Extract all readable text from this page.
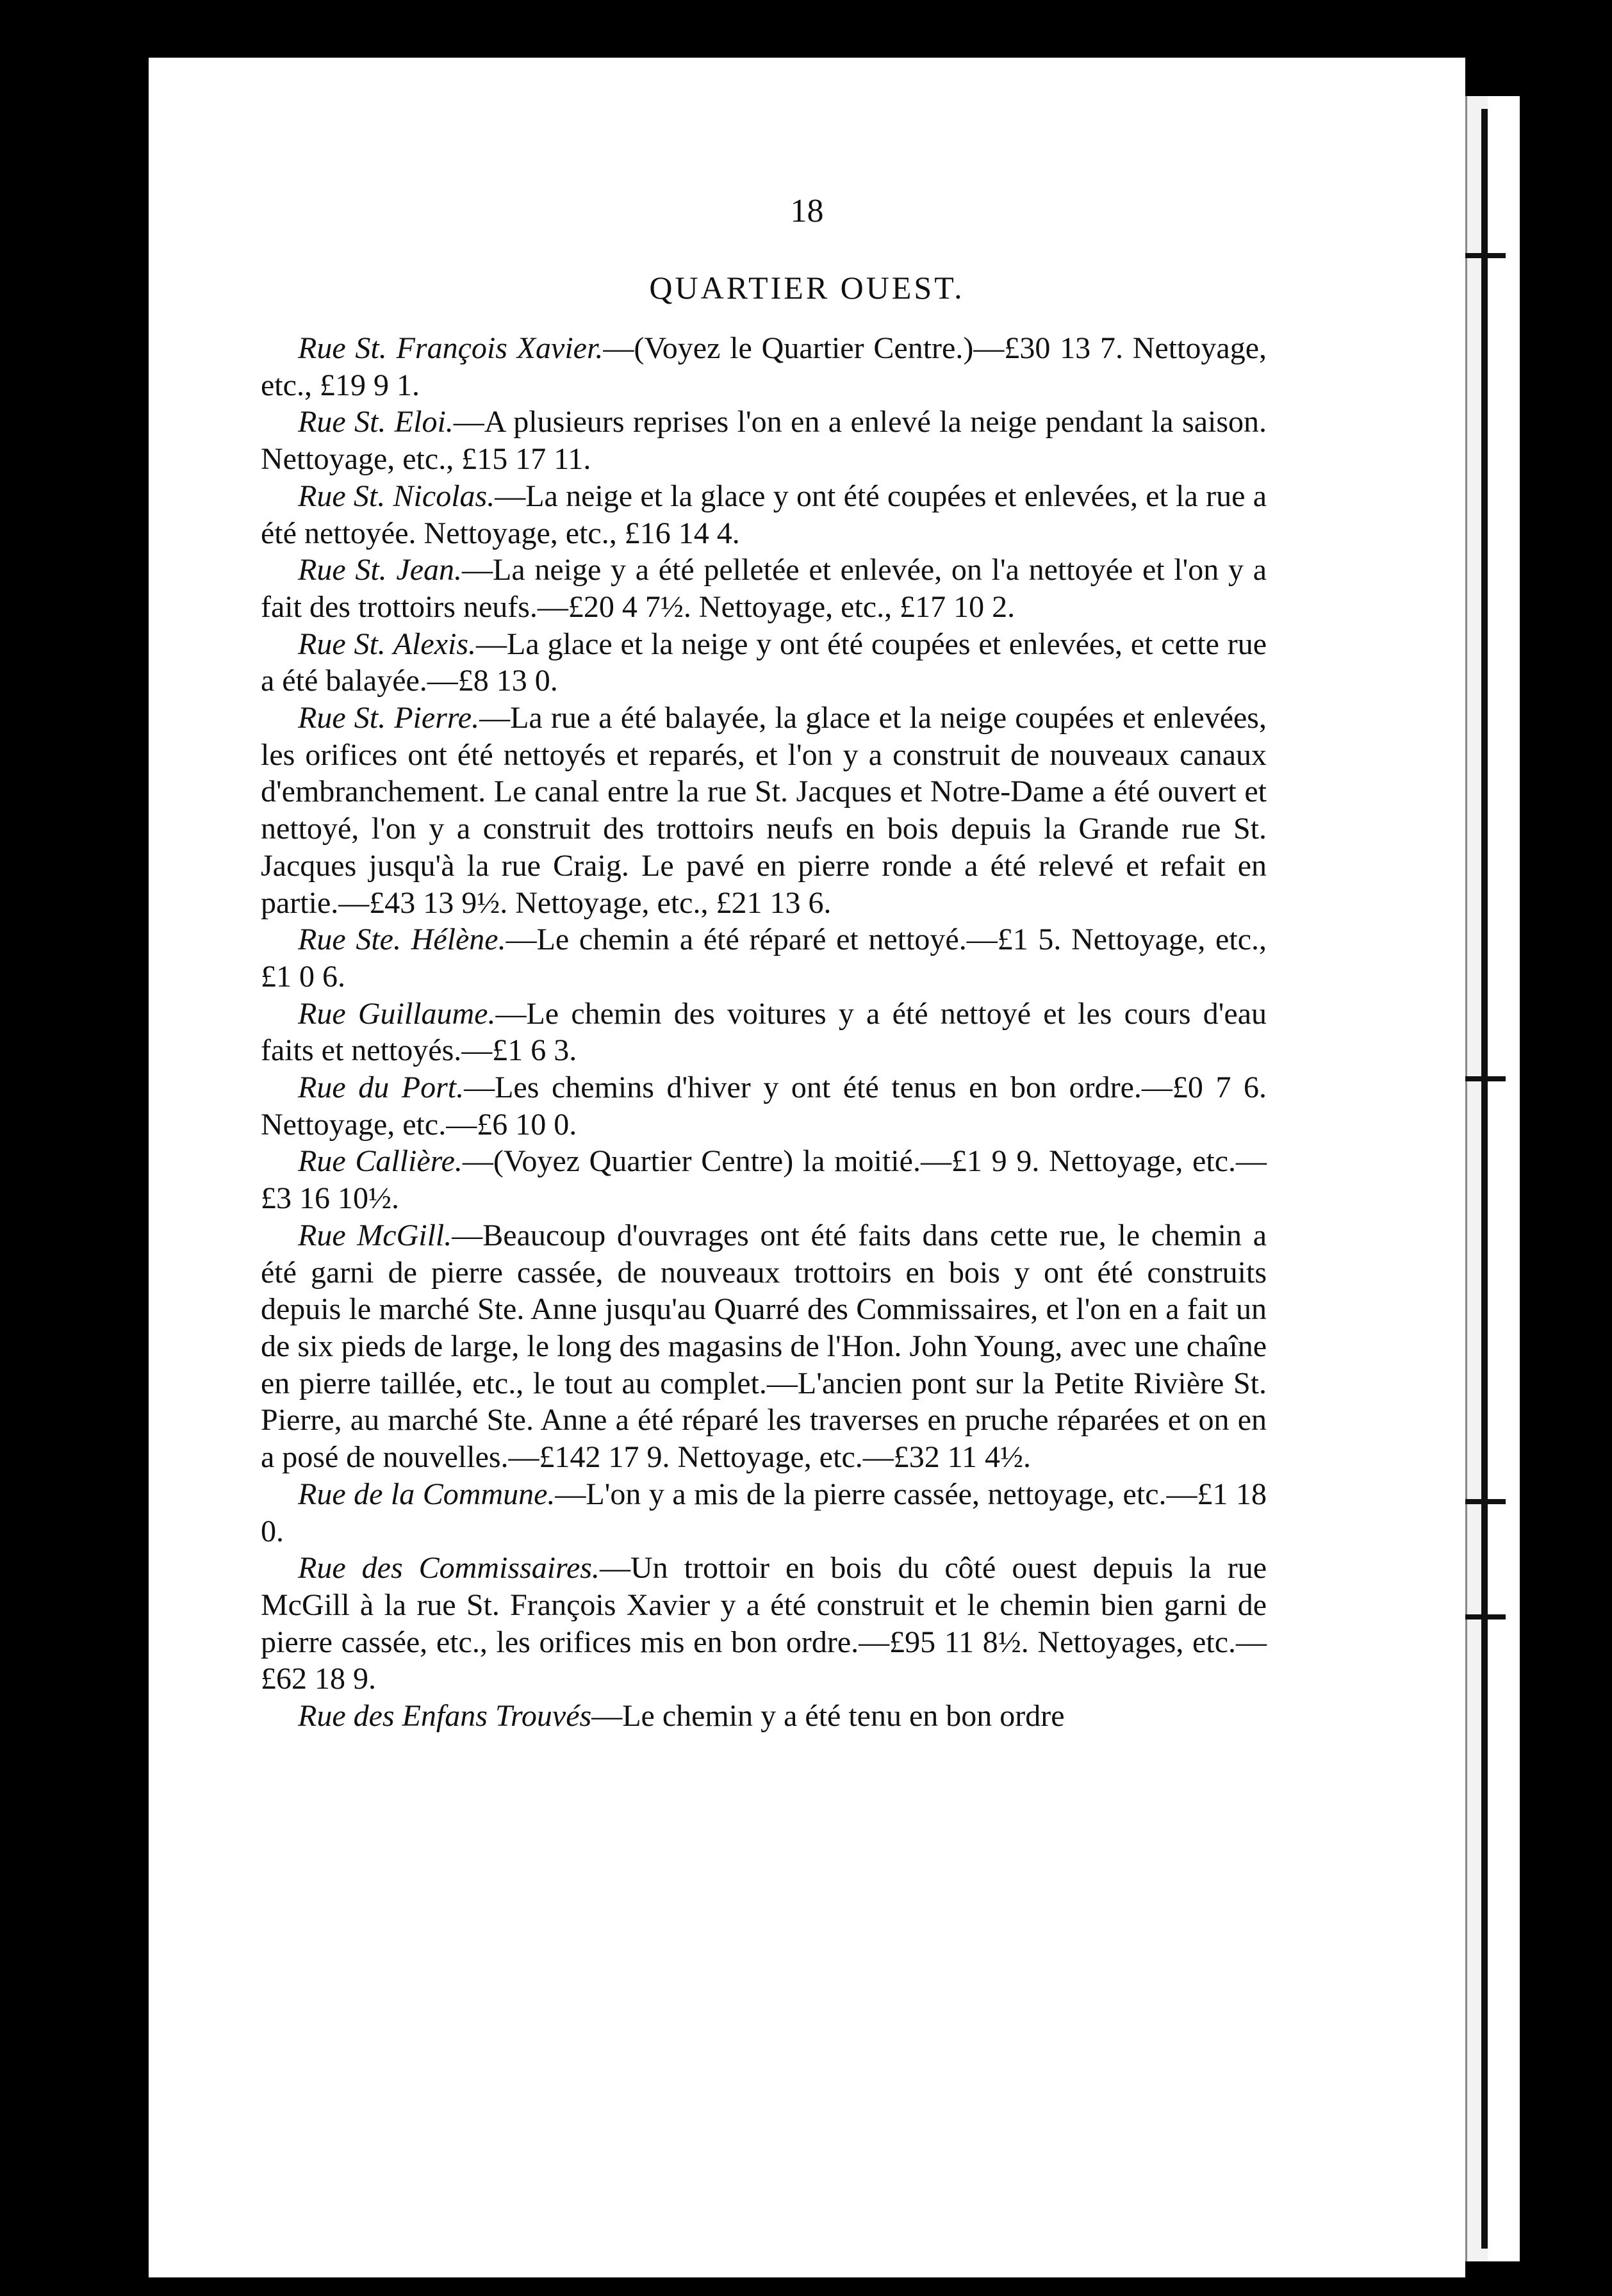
18
QUARTIER OUEST.

Rue St. François Xavier.—(Voyez le Quartier Centre.)—£30 13 7. Nettoyage, etc., £19 9 1.

Rue St. Eloi.—A plusieurs reprises l'on en a enlevé la neige pendant la saison. Nettoyage, etc., £15 17 11.

Rue St. Nicolas.—La neige et la glace y ont été coupées et enlevées, et la rue a été nettoyée. Nettoyage, etc., £16 14 4.

Rue St. Jean.—La neige y a été pelletée et enlevée, on l'a nettoyée et l'on y a fait des trottoirs neufs.—£20 4 7½. Nettoyage, etc., £17 10 2.

Rue St. Alexis.—La glace et la neige y ont été coupées et enlevées, et cette rue a été balayée.—£8 13 0.

Rue St. Pierre.—La rue a été balayée, la glace et la neige coupées et enlevées, les orifices ont été nettoyés et reparés, et l'on y a construit de nouveaux canaux d'embranchement. Le canal entre la rue St. Jacques et Notre-Dame a été ouvert et nettoyé, l'on y a construit des trottoirs neufs en bois depuis la Grande rue St. Jacques jusqu'à la rue Craig. Le pavé en pierre ronde a été relevé et refait en partie.—£43 13 9½. Nettoyage, etc., £21 13 6.

Rue Ste. Hélène.—Le chemin a été réparé et nettoyé.—£1 5. Nettoyage, etc., £1 0 6.

Rue Guillaume.—Le chemin des voitures y a été nettoyé et les cours d'eau faits et nettoyés.—£1 6 3.

Rue du Port.—Les chemins d'hiver y ont été tenus en bon ordre.—£0 7 6. Nettoyage, etc.—£6 10 0.

Rue Callière.—(Voyez Quartier Centre) la moitié.—£1 9 9. Nettoyage, etc.—£3 16 10½.

Rue McGill.—Beaucoup d'ouvrages ont été faits dans cette rue, le chemin a été garni de pierre cassée, de nouveaux trottoirs en bois y ont été construits depuis le marché Ste. Anne jusqu'au Quarré des Commissaires, et l'on en a fait un de six pieds de large, le long des magasins de l'Hon. John Young, avec une chaîne en pierre taillée, etc., le tout au complet.—L'ancien pont sur la Petite Rivière St. Pierre, au marché Ste. Anne a été réparé les traverses en pruche réparées et on en a posé de nouvelles.—£142 17 9. Nettoyage, etc.—£32 11 4½.

Rue de la Commune.—L'on y a mis de la pierre cassée, nettoyage, etc.—£1 18 0.

Rue des Commissaires.—Un trottoir en bois du côté ouest depuis la rue McGill à la rue St. François Xavier y a été construit et le chemin bien garni de pierre cassée, etc., les orifices mis en bon ordre.—£95 11 8½. Nettoyages, etc.—£62 18 9.

Rue des Enfans Trouvés—Le chemin y a été tenu en bon ordre
